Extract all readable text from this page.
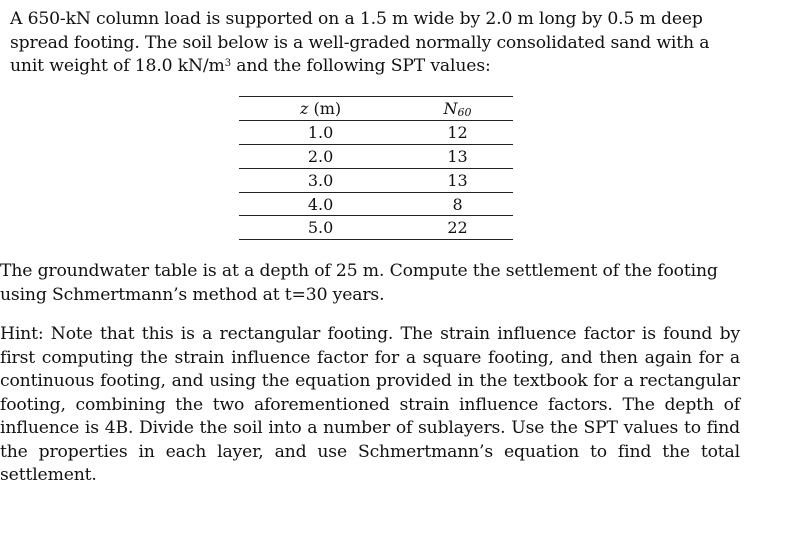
A 650-kN column load is supported on a 1.5 m wide by 2.0 m long by 0.5 m deep
spread footing. The soil below is a well-graded normally consolidated sand with a
unit weight of 18.0 $kN/m^3$ and the following SPT values:

z (m)	$N_{60}$
1.0	12
2.0	13
3.0	13
4.0	8
5.0	22

The groundwater table is at a depth of 25 m. Compute the settlement of the footing
using Schmertmann’s method at t=30 years.

Hint: Note that this is a rectangular footing. The strain influence factor is found by first computing the strain influence factor for a square footing, and then again for a continuous footing, and using the equation provided in the textbook for a rectangular footing, combining the two aforementioned strain influence factors. The depth of influence is 4B. Divide the soil into a number of sublayers. Use the SPT values to find the properties in each layer, and use Schmertmann’s equation to find the total settlement.
